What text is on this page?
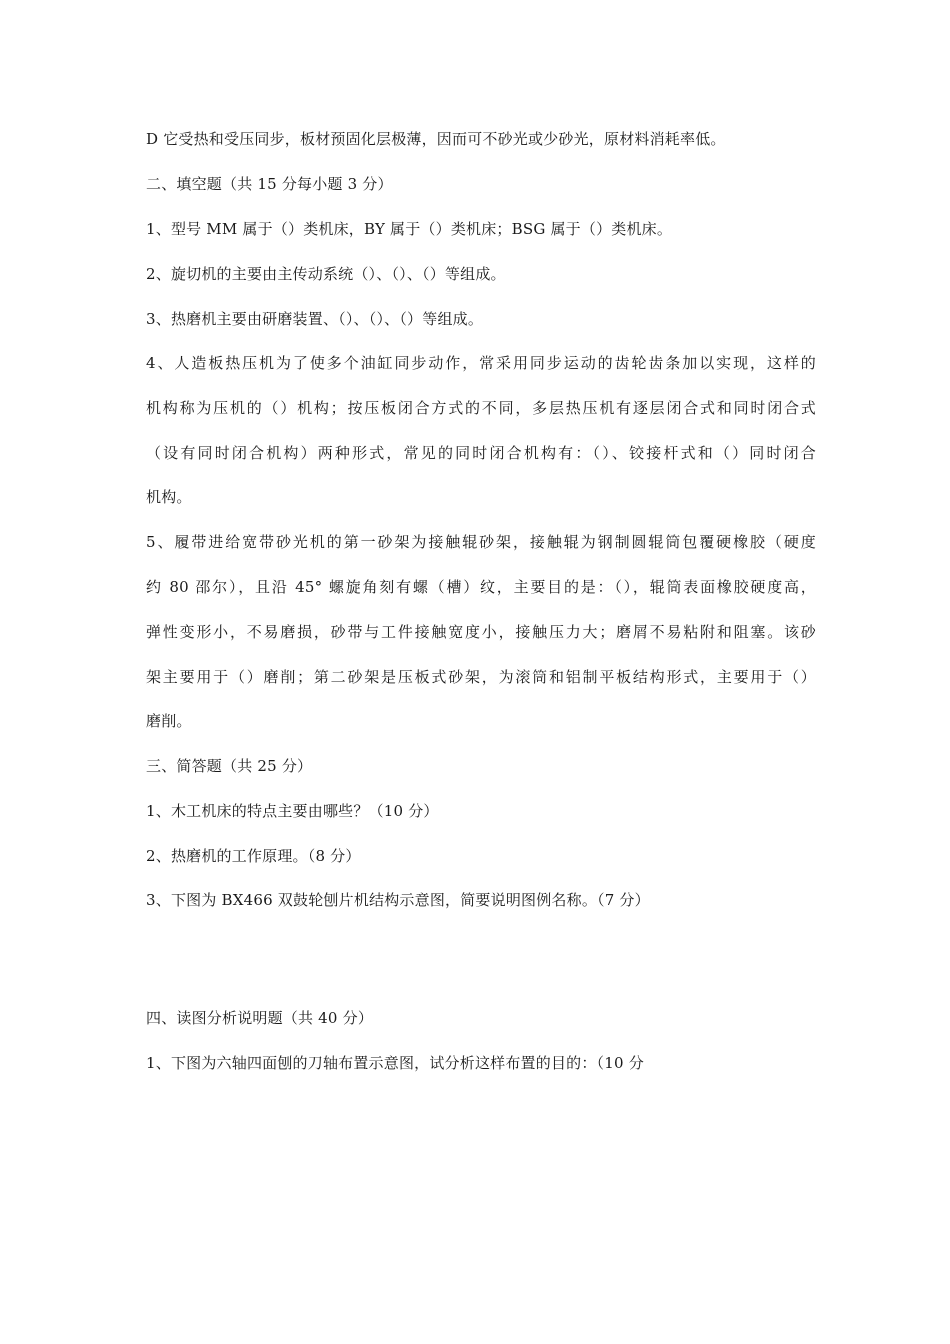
D 它受热和受压同步，板材预固化层极薄，因而可不砂光或少砂光，原材料消耗率低。
二、填空题（共 15 分每小题 3 分）
1、型号 MM 属于（）类机床，BY 属于（）类机床；BSG 属于（）类机床。
2、旋切机的主要由主传动系统（）、（）、（）等组成。
3、热磨机主要由研磨装置、（）、（）、（）等组成。
4、人造板热压机为了使多个油缸同步动作，常采用同步运动的齿轮齿条加以实现，这样的
机构称为压机的（）机构；按压板闭合方式的不同，多层热压机有逐层闭合式和同时闭合式
（设有同时闭合机构）两种形式，常见的同时闭合机构有：（）、铰接杆式和（）同时闭合
机构。
5、履带进给宽带砂光机的第一砂架为接触辊砂架，接触辊为钢制圆辊筒包覆硬橡胶（硬度
约 80 邵尔），且沿 45° 螺旋角刻有螺（槽）纹，主要目的是：（），辊筒表面橡胶硬度高，
弹性变形小，不易磨损，砂带与工件接触宽度小，接触压力大；磨屑不易粘附和阻塞。该砂
架主要用于（）磨削；第二砂架是压板式砂架，为滚筒和铝制平板结构形式，主要用于（）
磨削。
三、简答题（共 25 分）
1、木工机床的特点主要由哪些？（10 分）
2、热磨机的工作原理。（8 分）
3、下图为 BX466 双鼓轮刨片机结构示意图，简要说明图例名称。（7 分）
四、读图分析说明题（共 40 分）
1、下图为六轴四面刨的刀轴布置示意图，试分析这样布置的目的：（10 分
